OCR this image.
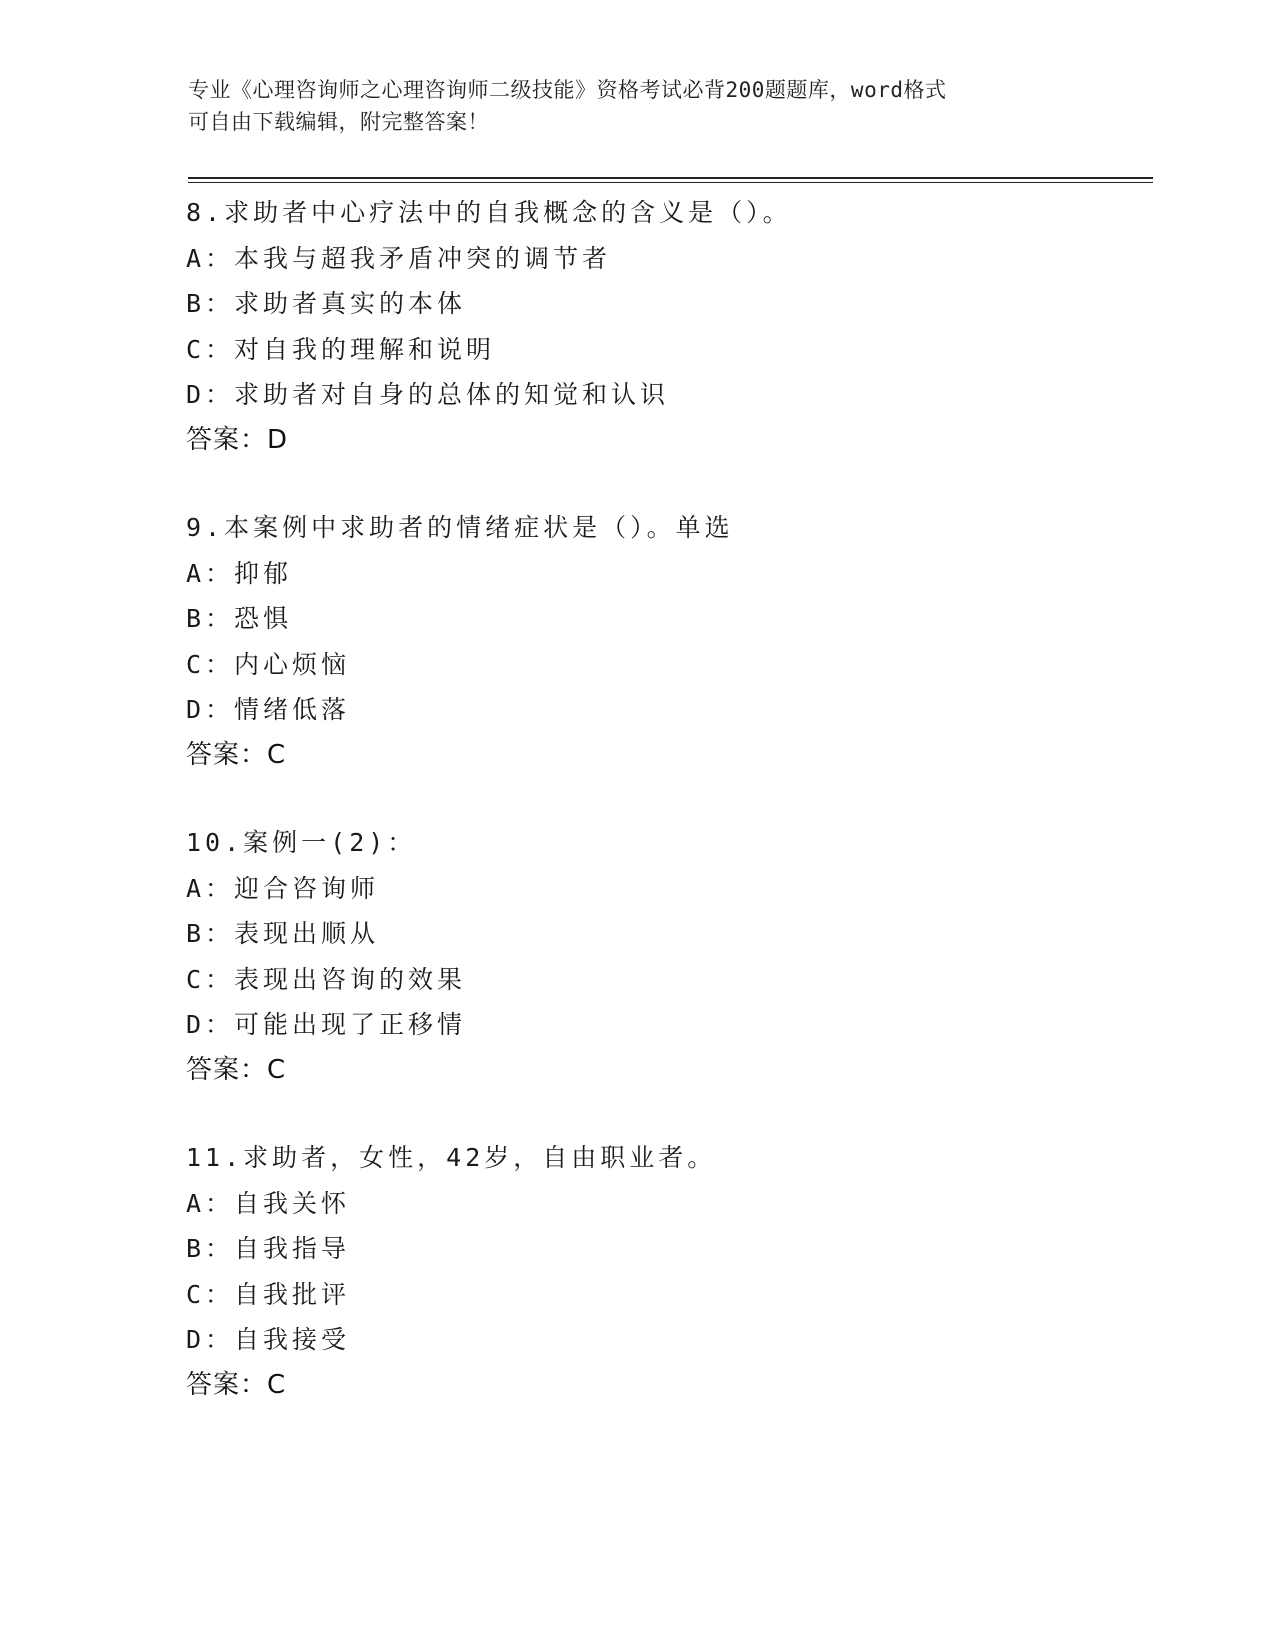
专业《心理咨询师之心理咨询师二级技能》资格考试必背200题题库，word格式
可自由下载编辑，附完整答案！
8.求助者中心疗法中的自我概念的含义是（）。
A：本我与超我矛盾冲突的调节者
B：求助者真实的本体
C：对自我的理解和说明
D：求助者对自身的总体的知觉和认识
答案：D
9.本案例中求助者的情绪症状是（）。单选
A：抑郁
B：恐惧
C：内心烦恼
D：情绪低落
答案：C
10.案例一(2)：
A：迎合咨询师
B：表现出顺从
C：表现出咨询的效果
D：可能出现了正移情
答案：C
11.求助者，女性，42岁，自由职业者。
A：自我关怀
B：自我指导
C：自我批评
D：自我接受
答案：C
